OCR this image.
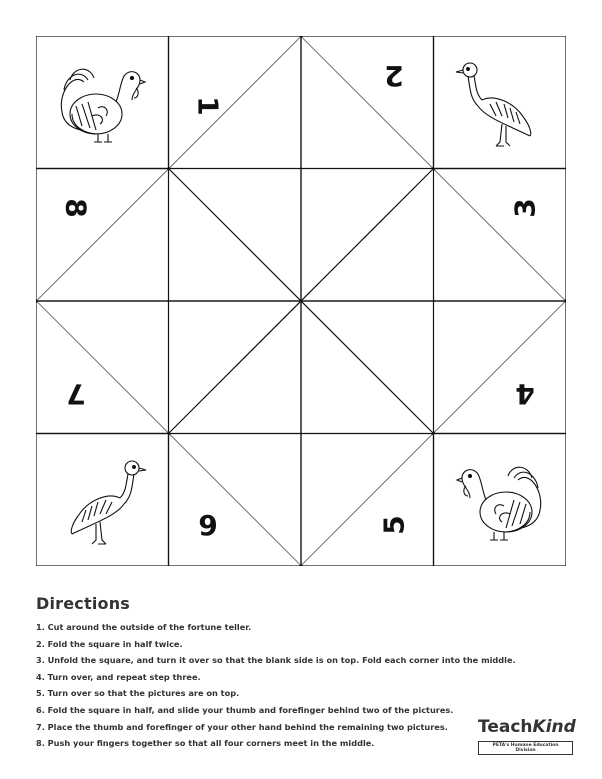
1
2
3
4
5
6
7
8
Directions
1. Cut around the outside of the fortune teller.
2. Fold the square in half twice.
3. Unfold the square, and turn it over so that the blank side is on top. Fold each corner into the middle.
4. Turn over, and repeat step three.
5. Turn over so that the pictures are on top.
6. Fold the square in half, and slide your thumb and forefinger behind two of the pictures.
7. Place the thumb and forefinger of your other hand behind the remaining two pictures.
8. Push your fingers together so that all four corners meet in the middle.
TeachKind
PETA's Humane Education Division
